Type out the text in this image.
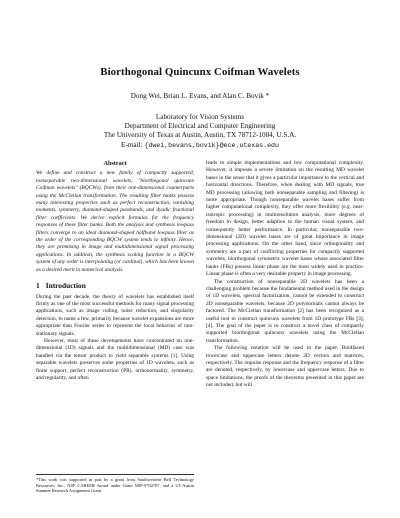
Biorthogonal Quincunx Coifman Wavelets
Dong Wei, Brian L. Evans, and Alan C. Bovik *
Laboratory for Vision Systems
Department of Electrical and Computer Engineering
The University of Texas at Austin, Austin, TX 78712-1084, U.S.A.
E-mail: {dwei,bevans,bovik}@ece.utexas.edu
Abstract

We define and construct a new family of compactly supported, nonseparable two-dimensional wavelets, "biorthogonal quincunx Coifman wavelets" (BQCWs), from their one-dimensional counterparts using the McClellan transformation. The resulting filter banks possess many interesting properties such as perfect reconstruction, vanishing moments, symmetry, diamond-shaped passbands, and dyadic fractional filter coefficients. We derive explicit formulas for the frequency responses of these filter banks. Both the analysis and synthesis lowpass filters converge to an ideal diamond-shaped halfband lowpass filter as the order of the corresponding BQCW system tends to infinity. Hence, they are promising in image and multidimensional signal processing applications. In addition, the synthesis scaling function in a BQCW system of any order is interpolating (or cardinal), which has been known as a desired merit in numerical analysis.

1 Introduction

During the past decade, the theory of wavelets has established itself firmly as one of the most successful methods for many signal processing applications, such as image coding, noise reduction, and singularity detection, to name a few, primarily because wavelet expansions are more appropriate than Fourier series to represent the local behavior of non-stationary signals.

However, most of these developments have concentrated on one-dimensional (1D) signals and the multidimensional (MD) case was handled via the tensor product to yield separable systems [1]. Using separable wavelets preserves some properties of 1D wavelets, such as finite support, perfect reconstruction (PR), orthonormality, symmetry, and regularity, and often

leads to simple implementations and low computational complexity. However, it imposes a severe limitation on the resulting MD wavelet bases in the sense that it gives a particular importance to the vertical and horizontal directions. Therefore, when dealing with MD signals, true MD processing (allowing both nonseparable sampling and filtering) is more appropriate. Though nonseparable wavelet bases suffer from higher computational complexity, they offer more flexibility (e.g. near-isotropic processing) in multiresolution analysis, more degrees of freedom in design, better adaption to the human visual system, and consequently better performance. In particular, nonseparable two-dimensional (2D) wavelet bases are of great importance in image processing applications. On the other hand, since orthogonality and symmetry are a pair of conflicting properties for compactly supported wavelets, biorthogonal symmetric wavelet bases whose associated filter banks (FBs) possess linear phase are the most widely used in practice. Linear phase is often a very desirable property in image processing.

The construction of nonseparable 2D wavelets has been a challenging problem because the fundamental method used in the design of 1D wavelets, spectral factorization, cannot be extended to construct 2D nonseparable wavelets, because 2D polynomials cannot always be factored. The McClellan transformation [2] has been recognized as a useful tool to construct quincunx wavelets from 1D prototype FBs [3], [4]. The goal of the paper is to construct a novel class of compactly supported biorthogonal quincunx wavelets using the McClellan transformation.

The following notation will be used in the paper. Boldfaced lowercase and uppercase letters denote 2D vectors and matrices, respectively. The impulse response and the frequency response of a filter are denoted, respectively, by lowercase and uppercase letters. Due to space limitations, the proofs of the theorems presented in this paper are not included, but will

*This work was supported in part by a grant from Southwestern Bell Technology Resources, Inc., NSF CAREER Award under Grant MIP-9702707, and a UT-Austin Summer Research Assignment Grant.
